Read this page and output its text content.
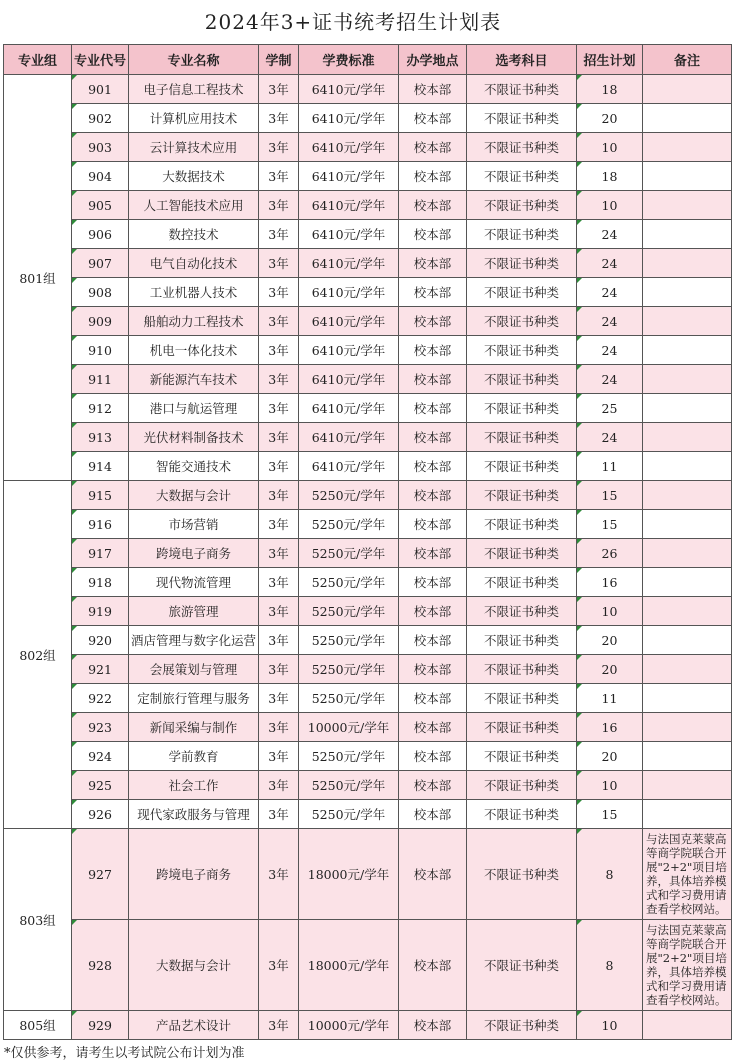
2024年3+证书统考招生计划表
专业组	专业代号	专业名称	学制	学费标准	办学地点	选考科目	招生计划	备注
801组	901	电子信息工程技术	3年	6410元/学年	校本部	不限证书种类	18	

902	计算机应用技术	3年	6410元/学年	校本部	不限证书种类	20	

903	云计算技术应用	3年	6410元/学年	校本部	不限证书种类	10	

904	大数据技术	3年	6410元/学年	校本部	不限证书种类	18	

905	人工智能技术应用	3年	6410元/学年	校本部	不限证书种类	10	

906	数控技术	3年	6410元/学年	校本部	不限证书种类	24	

907	电气自动化技术	3年	6410元/学年	校本部	不限证书种类	24	

908	工业机器人技术	3年	6410元/学年	校本部	不限证书种类	24	

909	船舶动力工程技术	3年	6410元/学年	校本部	不限证书种类	24	

910	机电一体化技术	3年	6410元/学年	校本部	不限证书种类	24	

911	新能源汽车技术	3年	6410元/学年	校本部	不限证书种类	24	

912	港口与航运管理	3年	6410元/学年	校本部	不限证书种类	25	

913	光伏材料制备技术	3年	6410元/学年	校本部	不限证书种类	24	

914	智能交通技术	3年	6410元/学年	校本部	不限证书种类	11	
802组	915	大数据与会计	3年	5250元/学年	校本部	不限证书种类	15	

916	市场营销	3年	5250元/学年	校本部	不限证书种类	15	

917	跨境电子商务	3年	5250元/学年	校本部	不限证书种类	26	

918	现代物流管理	3年	5250元/学年	校本部	不限证书种类	16	

919	旅游管理	3年	5250元/学年	校本部	不限证书种类	10	

920	酒店管理与数字化运营	3年	5250元/学年	校本部	不限证书种类	20	

921	会展策划与管理	3年	5250元/学年	校本部	不限证书种类	20	

922	定制旅行管理与服务	3年	5250元/学年	校本部	不限证书种类	11	

923	新闻采编与制作	3年	10000元/学年	校本部	不限证书种类	16	

924	学前教育	3年	5250元/学年	校本部	不限证书种类	20	

925	社会工作	3年	5250元/学年	校本部	不限证书种类	10	

926	现代家政服务与管理	3年	5250元/学年	校本部	不限证书种类	15	
803组	927	跨境电子商务	3年	18000元/学年	校本部	不限证书种类	8	与法国克莱蒙高等商学院联合开展"2+2"项目培养，具体培养模式和学习费用请查看学校网站。

928	大数据与会计	3年	18000元/学年	校本部	不限证书种类	8	与法国克莱蒙高等商学院联合开展"2+2"项目培养，具体培养模式和学习费用请查看学校网站。
805组	929	产品艺术设计	3年	10000元/学年	校本部	不限证书种类	10	
*仅供参考，请考生以考试院公布计划为准
